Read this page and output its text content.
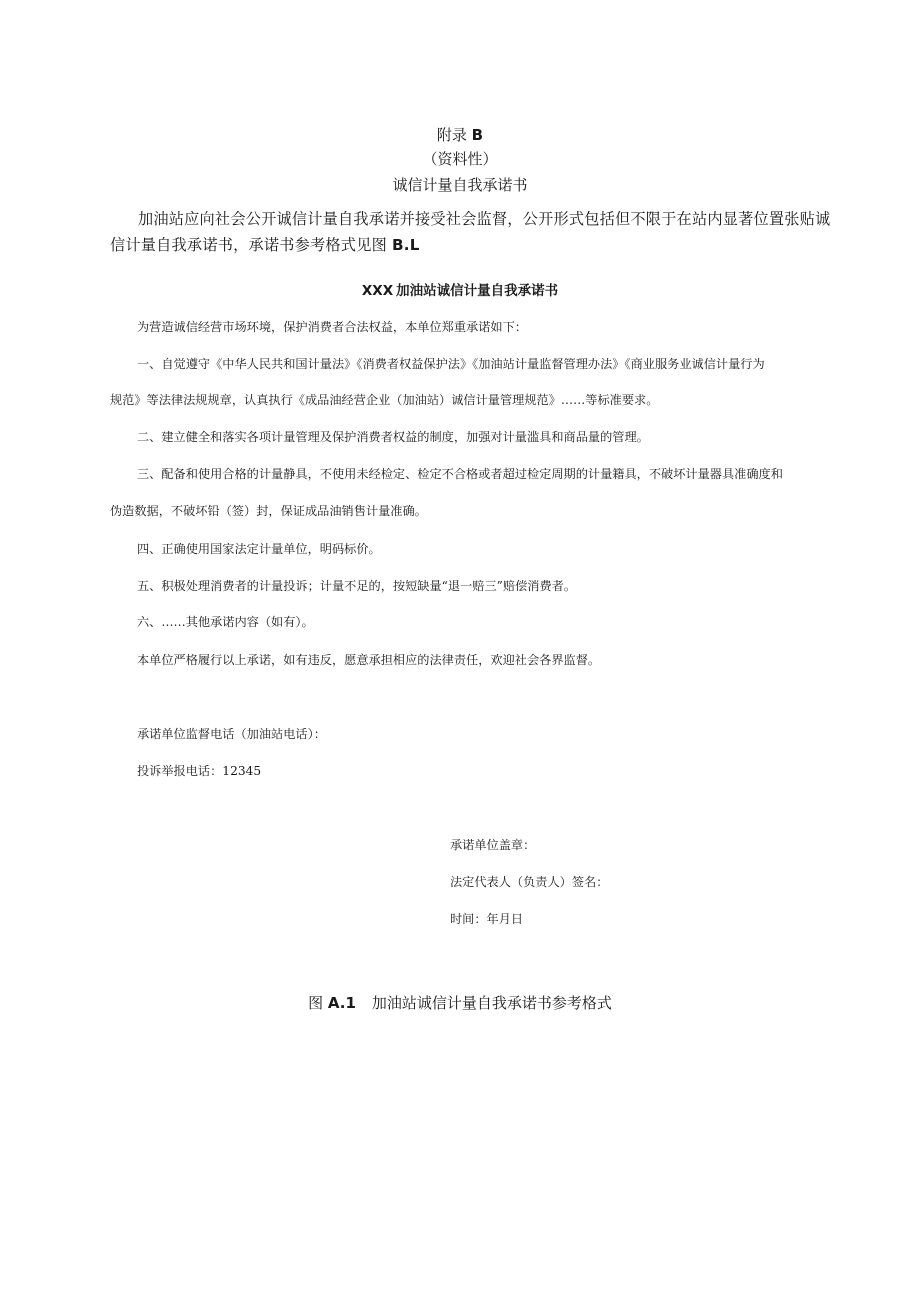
附录 B
（资料性）
诚信计量自我承诺书
加油站应向社会公开诚信计量自我承诺并接受社会监督，公开形式包括但不限于在站内显著位置张贴诚
信计量自我承诺书，承诺书参考格式见图 B.L
XXX 加油站诚信计量自我承诺书
为营造诚信经营市场环境，保护消费者合法权益，本单位郑重承诺如下：
一、自觉遵守《中华人民共和国计量法》《消费者权益保护法》《加油站计量监督管理办法》《商业服务业诚信计量行为
规范》等法律法规规章，认真执行《成品油经营企业（加油站）诚信计量管理规范》……等标准要求。
二、建立健全和落实各项计量管理及保护消费者权益的制度，加强对计量滥具和商品量的管理。
三、配备和使用合格的计量静具，不使用未经检定、检定不合格或者超过检定周期的计量籍具，不破坏计量器具准确度和
伪造数据，不破坏铅（签）封，保证成品油销售计量准确。
四、正确使用国家法定计量单位，明码标价。
五、积极处理消费者的计量投诉；计量不足的，按短缺量“退一赔三”赔偿消费者。
六、……其他承诺内容（如有）。
本单位严格履行以上承诺，如有违反，愿意承担相应的法律责任，欢迎社会各界监督。
承诺单位监督电话（加油站电话）：
投诉举报电话：12345
承诺单位盖章：
法定代表人（负责人）签名：
时间：年月日
图 A.1 加油站诚信计量自我承诺书参考格式
